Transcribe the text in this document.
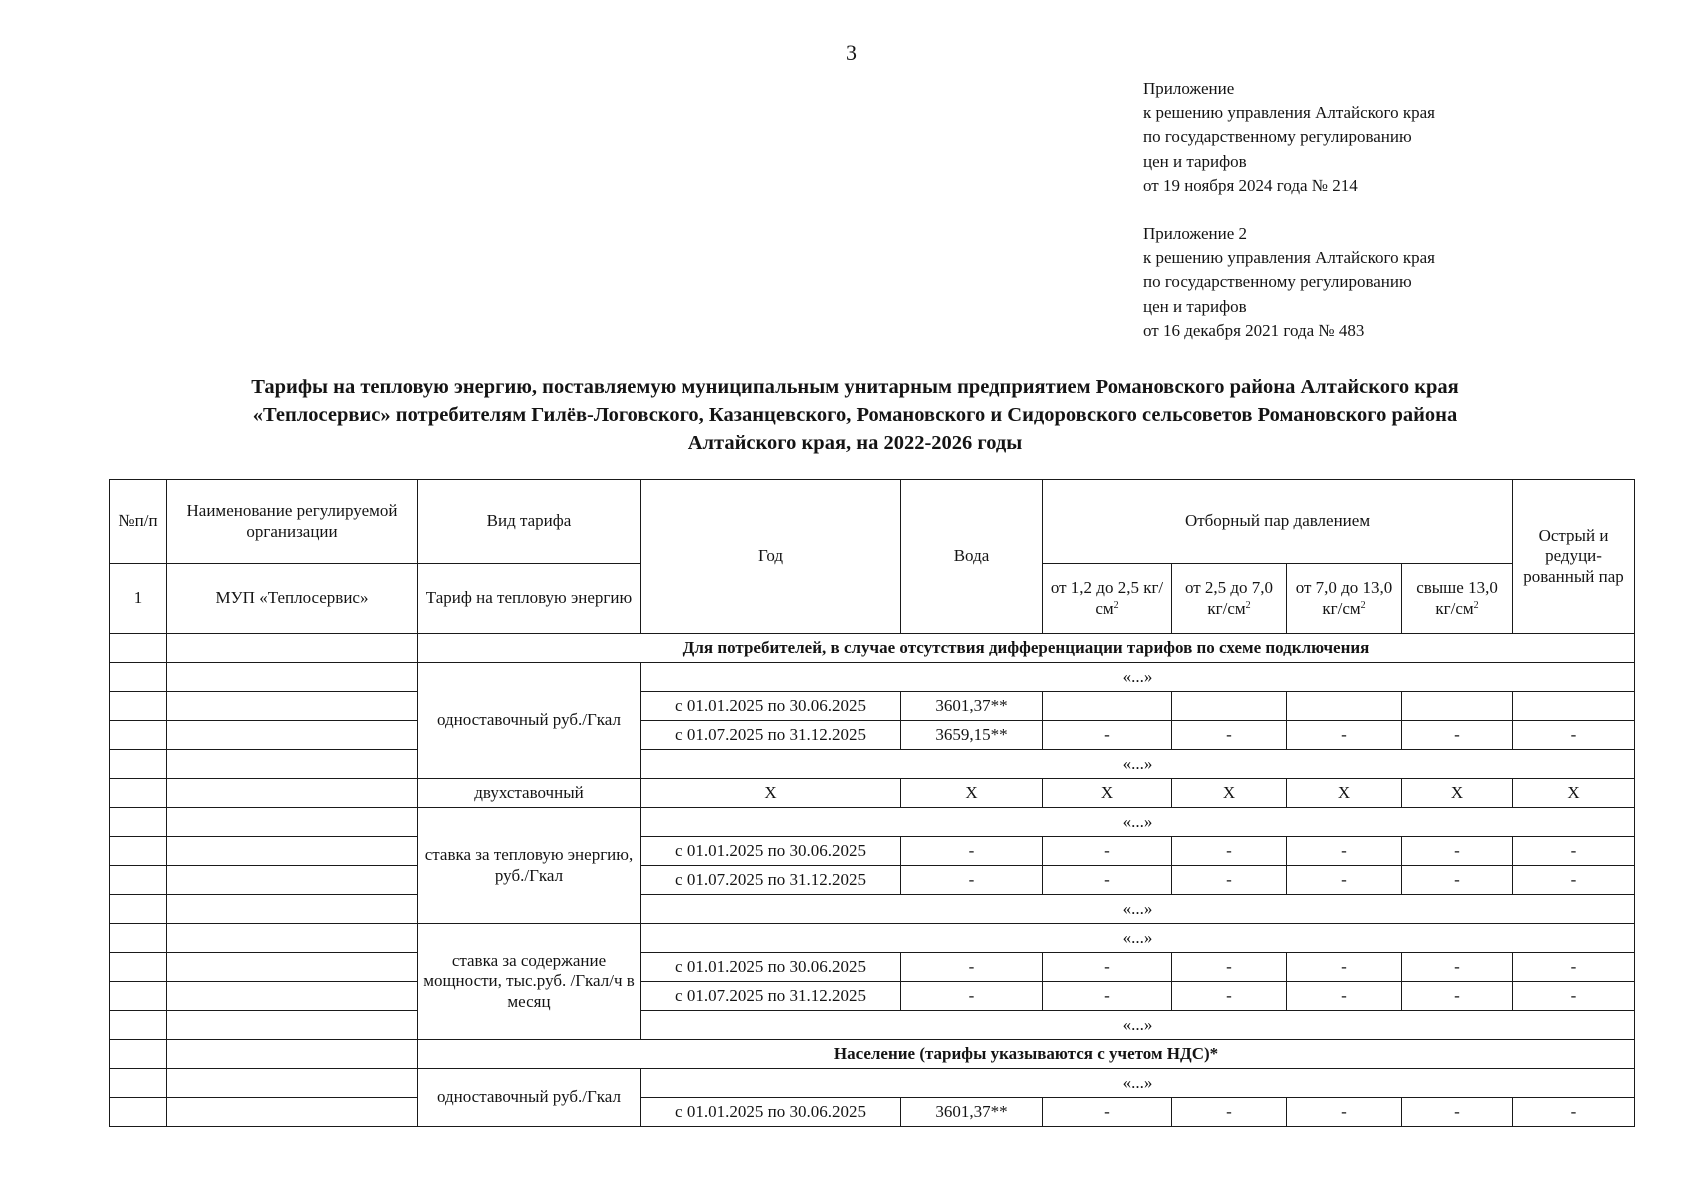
3
Приложение
к решению управления Алтайского края
по государственному регулированию
цен и тарифов
от 19 ноября 2024 года № 214
Приложение 2
к решению управления Алтайского края
по государственному регулированию
цен и тарифов
от 16 декабря 2021 года № 483
Тарифы на тепловую энергию, поставляемую муниципальным унитарным предприятием Романовского района Алтайского края
«Теплосервис» потребителям Гилёв-Логовского, Казанцевского, Романовского и Сидоровского сельсоветов Романовского района
Алтайского края, на 2022-2026 годы
№п/п	Наименование регулируемой организации	Вид тарифа	Год	Вода	Отборный пар давлением				Острый и редуци-рованный пар
1	МУП «Теплосервис»	Тариф на тепловую энергию			от 1,2 до 2,5 $кг/см^2$	от 2,5 до 7,0 $кг/см^2$	от 7,0 до 13,0 $кг/см^2$	свыше 13,0 $кг/см^2$
		Для потребителей, в случае отсутствия дифференциации тарифов по схеме подключения							
		одноставочный руб./Гкал	«...»						
			с 01.01.2025 по 30.06.2025	3601,37**					
			с 01.07.2025 по 31.12.2025	3659,15**	-	-	-	-	-
			«...»						
		двухставочный	X	X	X	X	X	X	X
		ставка за тепловую энергию, руб./Гкал	«...»						
			с 01.01.2025 по 30.06.2025	-	-	-	-	-	-
			с 01.07.2025 по 31.12.2025	-	-	-	-	-	-
			«...»						
		ставка за содержание мощности, тыс.руб. /Гкал/ч в месяц	«...»						
			с 01.01.2025 по 30.06.2025	-	-	-	-	-	-
			с 01.07.2025 по 31.12.2025	-	-	-	-	-	-
			«...»						
		Население (тарифы указываются с учетом НДС)*							
		одноставочный руб./Гкал	«...»						
			с 01.01.2025 по 30.06.2025	3601,37**	-	-	-	-	-
